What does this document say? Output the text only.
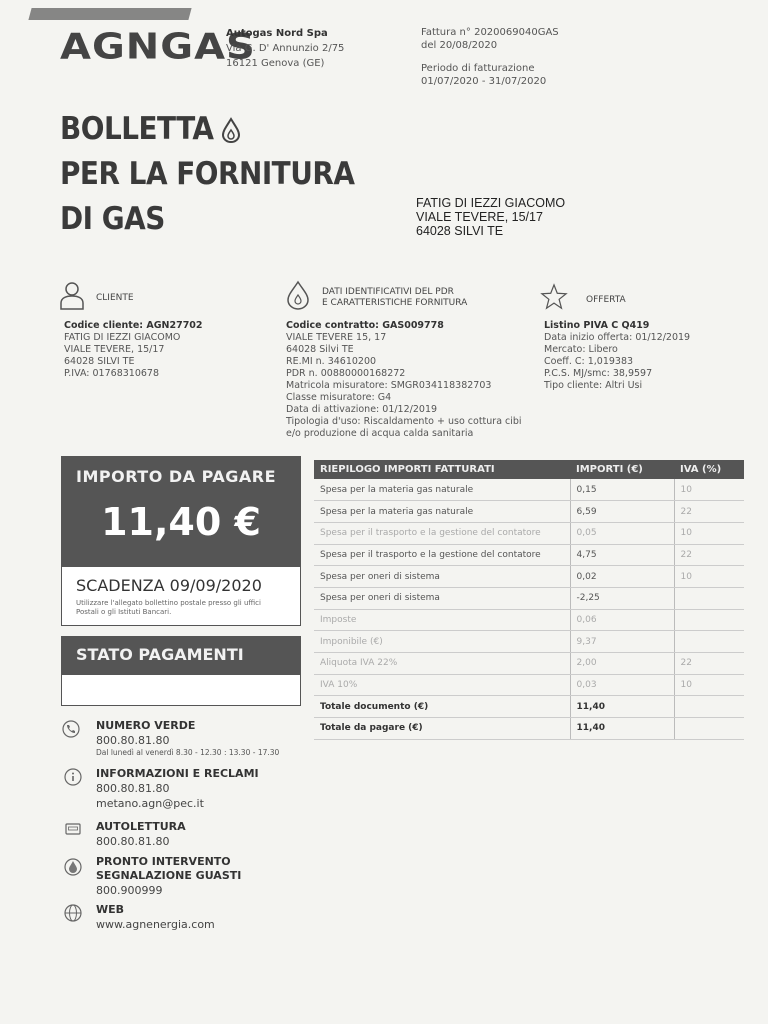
AGNGAS
Autogas Nord Spa
Via G. D' Annunzio 2/75
16121 Genova (GE)
Fattura n° 2020069040GAS
del 20/08/2020
Periodo di fatturazione
01/07/2020 - 31/07/2020
BOLLETTA
PER LA FORNITURA
DI GAS	FATIG DI IEZZI GIACOMO
VIALE TEVERE, 15/17
64028 SILVI TE
CLIENTE
Codice cliente: AGN27702
FATIG DI IEZZI GIACOMO
VIALE TEVERE, 15/17
64028 SILVI TE
P.IVA: 01768310678
DATI IDENTIFICATIVI DEL PDR
E CARATTERISTICHE FORNITURA
Codice contratto: GAS009778
VIALE TEVERE 15, 17
64028 Silvi TE
RE.MI n. 34610200
PDR n. 00880000168272
Matricola misuratore: SMGR034118382703
Classe misuratore: G4
Data di attivazione: 01/12/2019
Tipologia d'uso: Riscaldamento + uso cottura cibi
e/o produzione di acqua calda sanitaria
OFFERTA
Listino PIVA C Q419
Data inizio offerta: 01/12/2019
Mercato: Libero
Coeff. C: 1,019383
P.C.S. MJ/smc: 38,9597
Tipo cliente: Altri Usi
IMPORTO DA PAGARE
11,40 €
SCADENZA 09/09/2020
Utilizzare l'allegato bollettino postale presso gli uffici
Postali o gli Istituti Bancari.
STATO PAGAMENTI
NUMERO VERDE
800.80.81.80
Dal lunedì al venerdì 8.30 - 12.30 : 13.30 - 17.30
INFORMAZIONI E RECLAMI
800.80.81.80
metano.agn@pec.it
AUTOLETTURA
800.80.81.80
PRONTO INTERVENTO
SEGNALAZIONE GUASTI
800.900999
WEB
www.agnenergia.com
RIEPILOGO IMPORTI FATTURATI	IMPORTI (€)	IVA (%)
Spesa per la materia gas naturale	0,15	10
Spesa per la materia gas naturale	6,59	22
Spesa per il trasporto e la gestione del contatore	0,05	10
Spesa per il trasporto e la gestione del contatore	4,75	22
Spesa per oneri di sistema	0,02	10
Spesa per oneri di sistema	-2,25	
Imposte	0,06	
Imponibile (€)	9,37	
Aliquota IVA 22%	2,00	22
IVA 10%	0,03	10
Totale documento (€)	11,40	
Totale da pagare (€)	11,40	
